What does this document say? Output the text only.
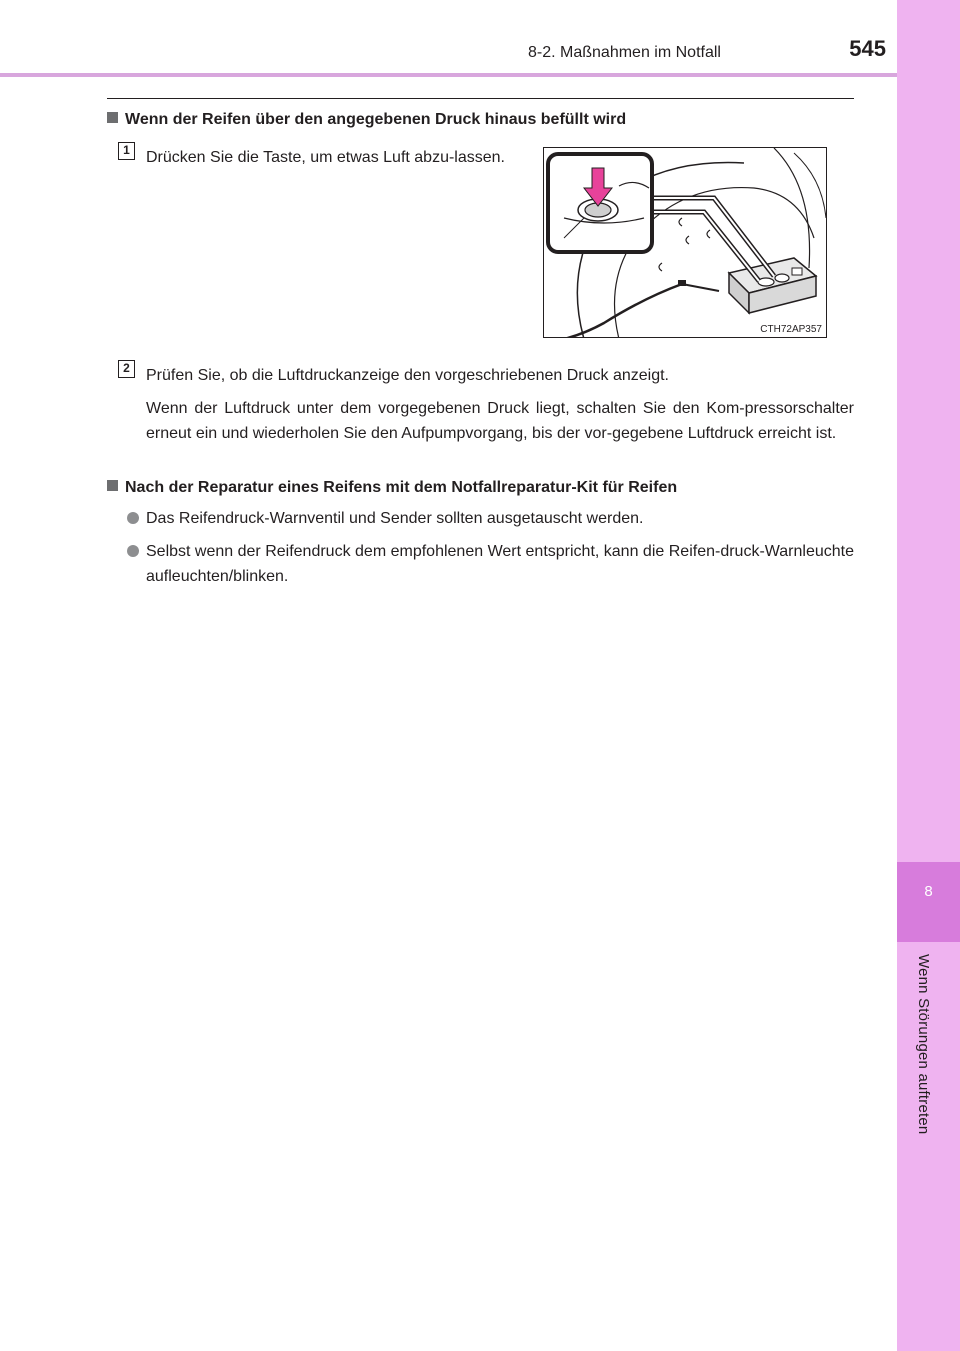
8
Wenn Störungen auftreten
8-2. Maßnahmen im Notfall	545
Wenn der Reifen über den angegebenen Druck hinaus befüllt wird
1	Drücken Sie die Taste, um etwas Luft abzu-lassen.
CTH72AP357
2	Prüfen Sie, ob die Luftdruckanzeige den vorgeschriebenen Druck anzeigt.
Wenn der Luftdruck unter dem vorgegebenen Druck liegt, schalten Sie den Kom-pressorschalter erneut ein und wiederholen Sie den Aufpumpvorgang, bis der vor-gegebene Luftdruck erreicht ist.
Nach der Reparatur eines Reifens mit dem Notfallreparatur-Kit für Reifen
Das Reifendruck-Warnventil und Sender sollten ausgetauscht werden.
Selbst wenn der Reifendruck dem empfohlenen Wert entspricht, kann die Reifen-druck-Warnleuchte aufleuchten/blinken.
